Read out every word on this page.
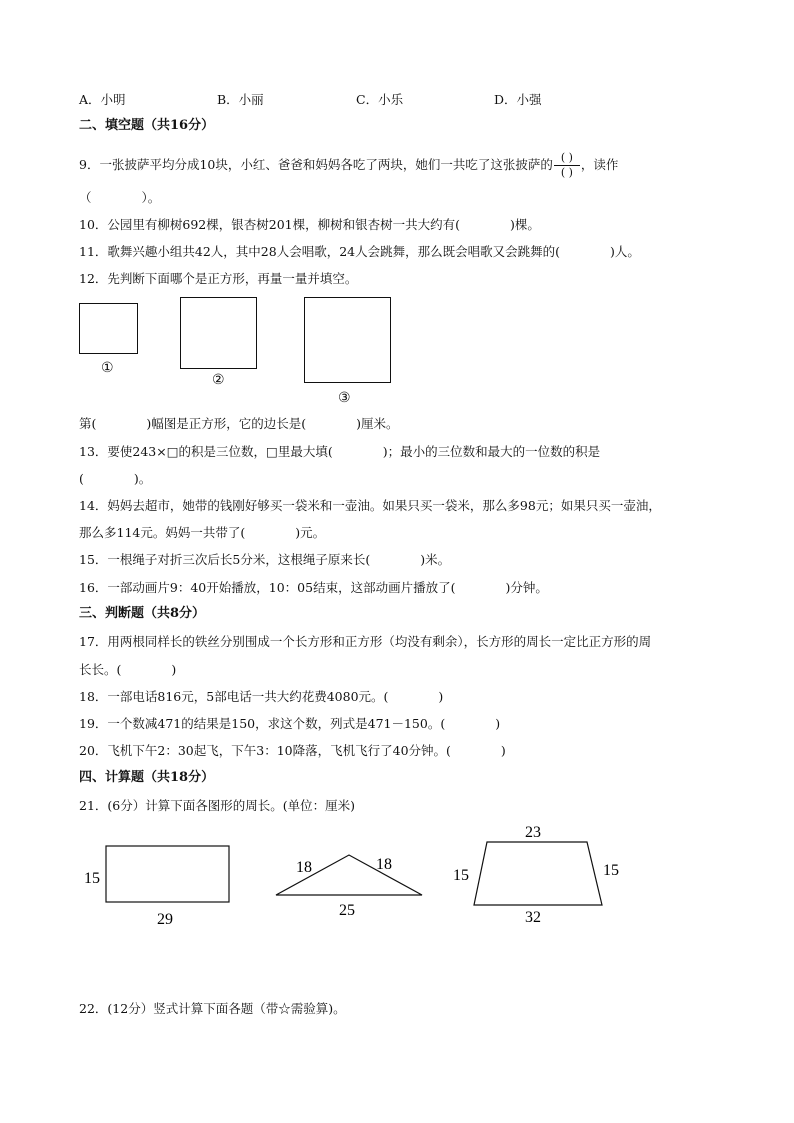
A．小明	B．小丽	C．小乐	D．小强
二、填空题（共16分）
9．一张披萨平均分成10块，小红、爸爸和妈妈各吃了两块，她们一共吃了这张披萨的$\frac{( )}{( )}$，读作
（　　　　）。
10．公园里有柳树692棵，银杏树201棵，柳树和银杏树一共大约有(　　　　)棵。
11．歌舞兴趣小组共42人，其中28人会唱歌，24人会跳舞，那么既会唱歌又会跳舞的(　　　　)人。
12．先判断下面哪个是正方形，再量一量并填空。
①
②
③
第(　　　　)幅图是正方形，它的边长是(　　　　)厘米。
13．要使243×□的积是三位数，□里最大填(　　　　)；最小的三位数和最大的一位数的积是
(　　　　)。
14．妈妈去超市，她带的钱刚好够买一袋米和一壶油。如果只买一袋米，那么多98元；如果只买一壶油，
那么多114元。妈妈一共带了(　　　　)元。
15．一根绳子对折三次后长5分米，这根绳子原来长(　　　　)米。
16．一部动画片9：40开始播放，10：05结束，这部动画片播放了(　　　　)分钟。
三、判断题（共8分）
17．用两根同样长的铁丝分别围成一个长方形和正方形（均没有剩余），长方形的周长一定比正方形的周
长长。(　　　　)
18．一部电话816元，5部电话一共大约花费4080元。(　　　　)
19．一个数减471的结果是150，求这个数，列式是471－150。(　　　　)
20．飞机下午2：30起飞，下午3：10降落，飞机飞行了40分钟。(　　　　)
四、计算题（共18分）
21．(6分）计算下面各图形的周长。(单位：厘米)
15
29
18	18
25
23
15	15
32
22．(12分）竖式计算下面各题（带☆需验算)。
